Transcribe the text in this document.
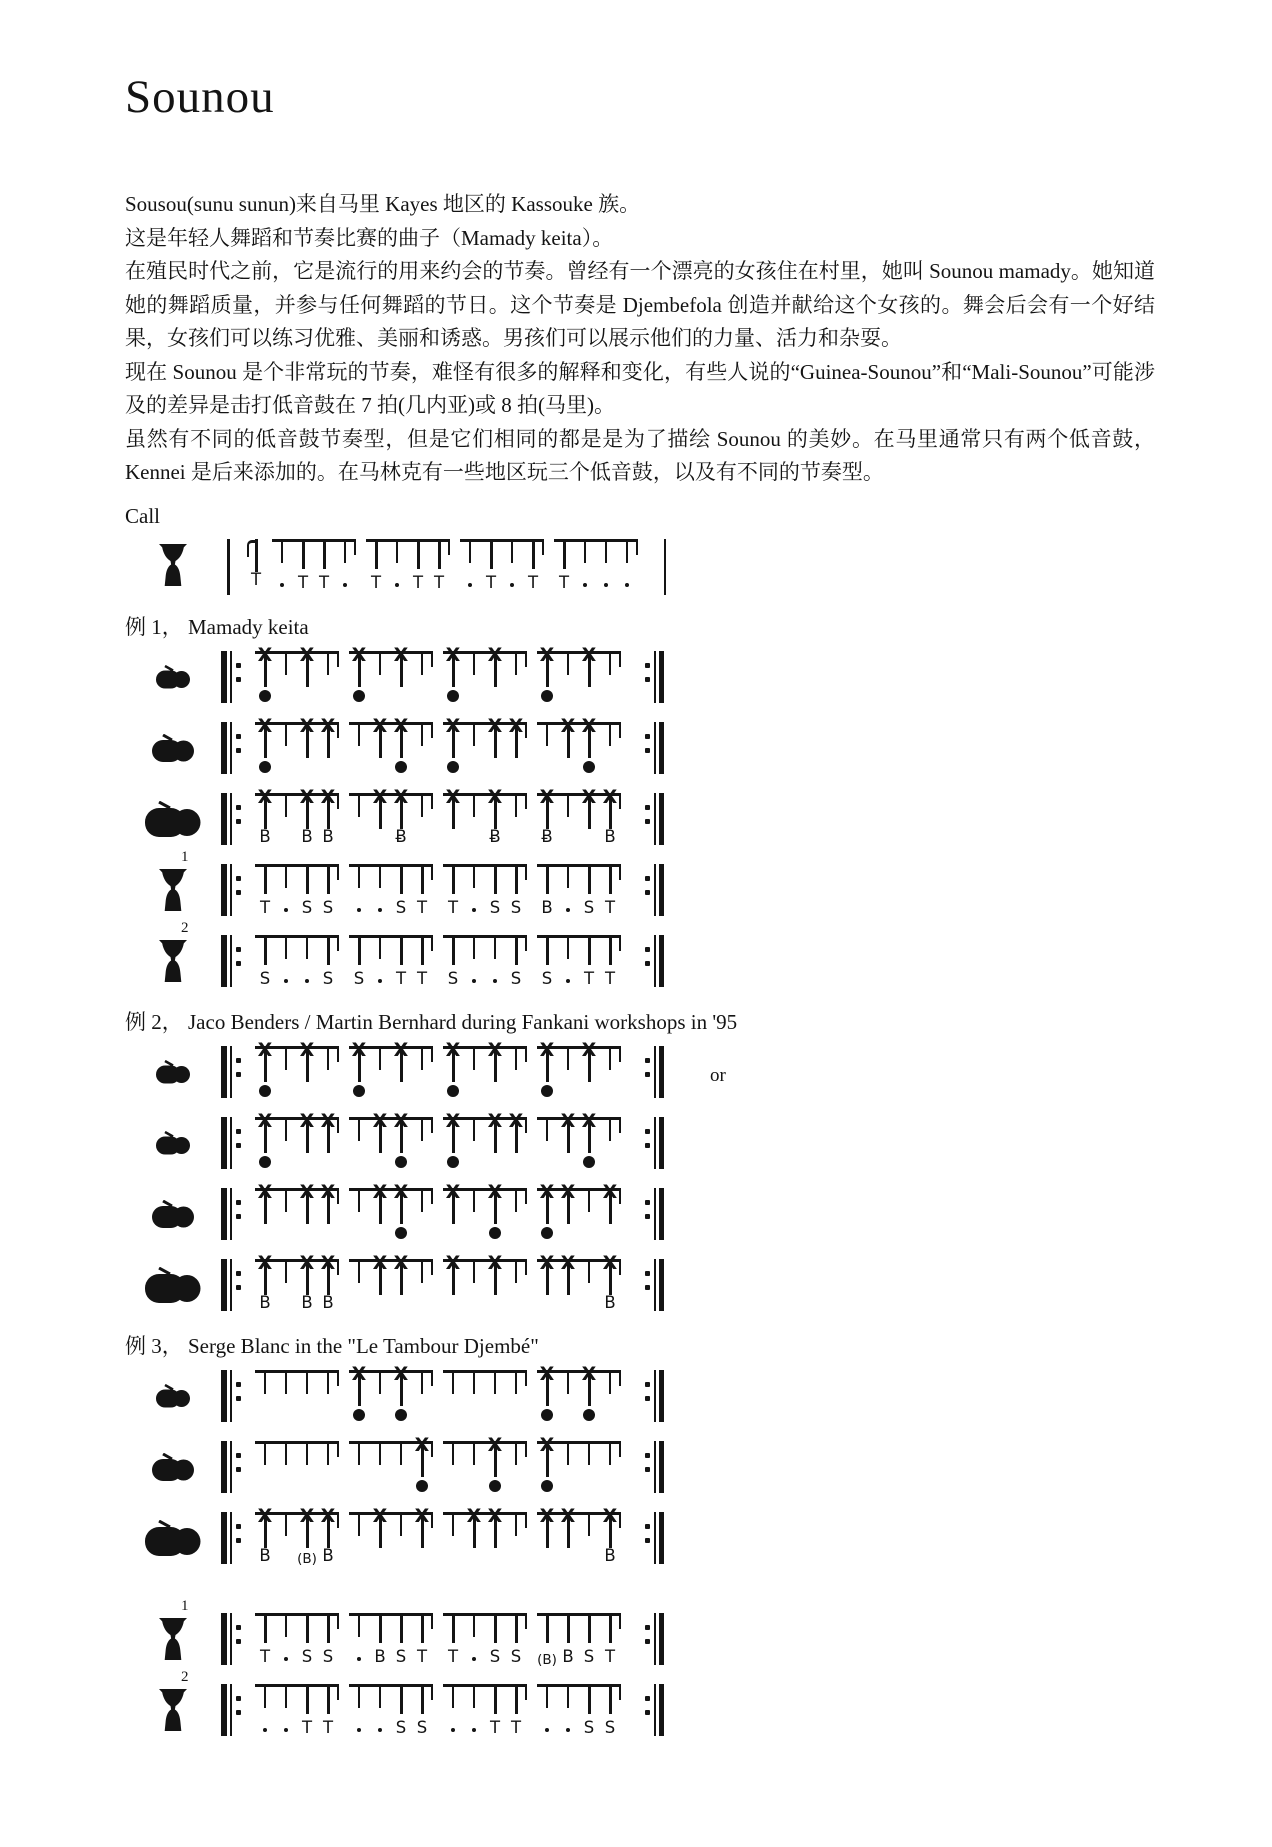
Sounou

Sousou(sunu sunun)来自马里 Kayes 地区的 Kassouke 族。

这是年轻人舞蹈和节奏比赛的曲子（Mamady keita）。

在殖民时代之前，它是流行的用来约会的节奏。曾经有一个漂亮的女孩住在村里，她叫 Sounou mamady。她知道她的舞蹈质量，并参与任何舞蹈的节日。这个节奏是 Djembefola 创造并献给这个女孩的。舞会后会有一个好结果，女孩们可以练习优雅、美丽和诱惑。男孩们可以展示他们的力量、活力和杂耍。

现在 Sounou 是个非常玩的节奏，难怪有很多的解释和变化，有些人说的“Guinea-Sounou”和“Mali-Sounou”可能涉及的差异是击打低音鼓在 7 拍(几内亚)或 8 拍(马里)。

虽然有不同的低音鼓节奏型，但是它们相同的都是是为了描绘 Sounou 的美妙。在马里通常只有两个低音鼓，Kennei 是后来添加的。在马林克有一些地区玩三个低音鼓，以及有不同的节奏型。

Call
T	T T	T	T T	T	T	T
例 1， Mamady keita
X X X X X X X X
X X X X X X X X X X
X
B
X
B
X
B
X X
Ƀ
X X
Ƀ
X
Ƀ
X X
B
1
T	S S	S T	T	S S	B	S T
2
S	S	S	T T	S	S	S	T T
例 2， Jaco Benders / Martin Bernhard during Fankani workshops in '95
X X X X X X X X
or
X X X X X X X X X X
X X X X X X X X X X
X
B
X
B
X
B
X X X X X X X
B
例 3， Serge Blanc in the "Le Tambour Djembé"
X X	X X
X	X X
X
B
X
(B)
X
B
X X X X X X X
B
1
T	S S	B S T	T	S S	(B) B S T
2
T T	S S	T T	S S
